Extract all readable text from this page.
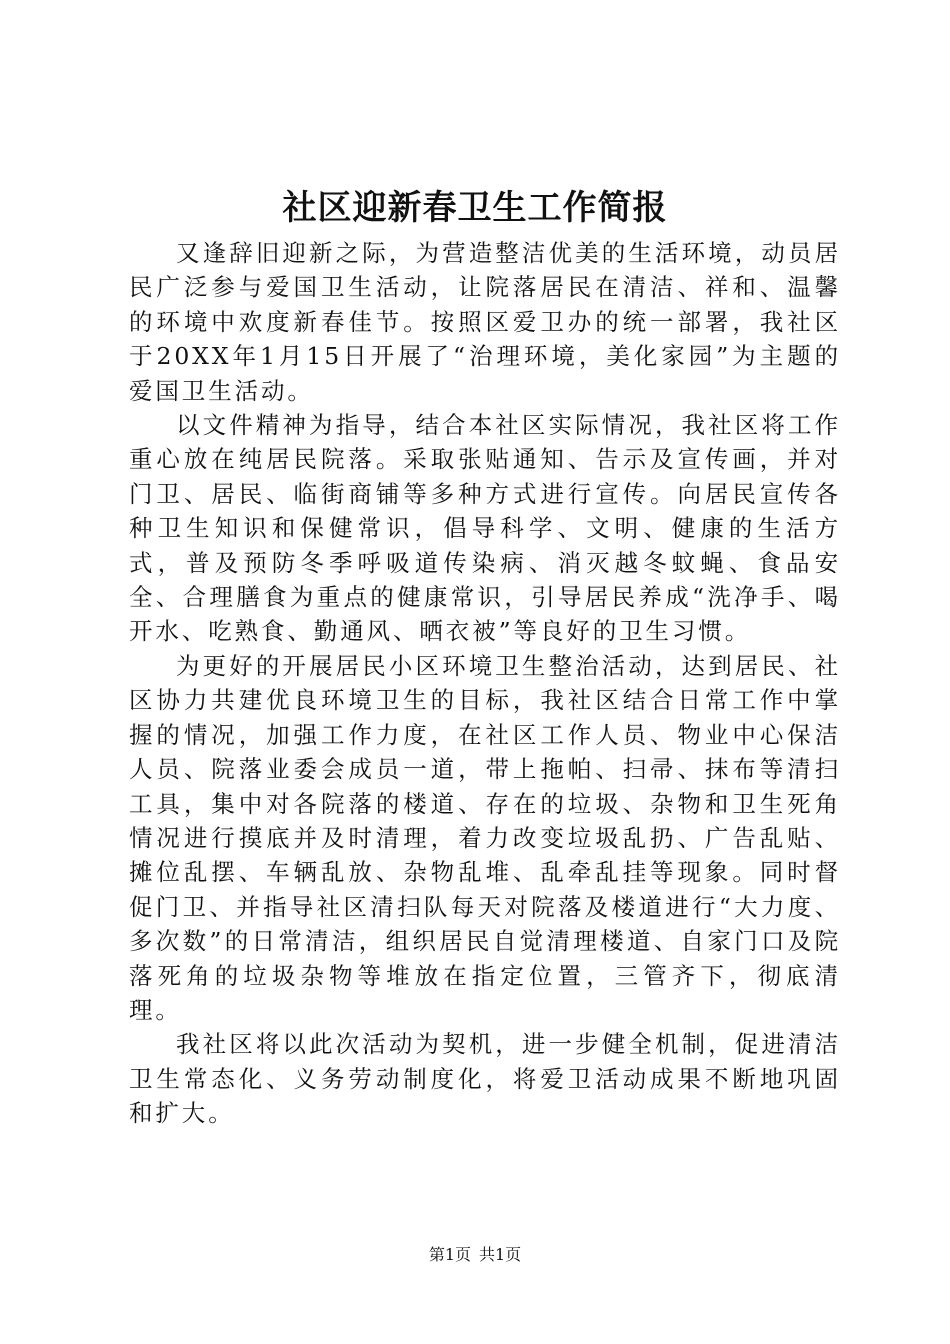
社区迎新春卫生工作简报

又逢辞旧迎新之际，为营造整洁优美的生活环境，动员居民广泛参与爱国卫生活动，让院落居民在清洁、祥和、温馨的环境中欢度新春佳节。按照区爱卫办的统一部署，我社区于20XX年1月15日开展了“治理环境，美化家园”为主题的爱国卫生活动。

以文件精神为指导，结合本社区实际情况，我社区将工作重心放在纯居民院落。采取张贴通知、告示及宣传画，并对门卫、居民、临街商铺等多种方式进行宣传。向居民宣传各种卫生知识和保健常识，倡导科学、文明、健康的生活方式，普及预防冬季呼吸道传染病、消灭越冬蚊蝇、食品安全、合理膳食为重点的健康常识，引导居民养成“洗净手、喝开水、吃熟食、勤通风、晒衣被”等良好的卫生习惯。

为更好的开展居民小区环境卫生整治活动，达到居民、社区协力共建优良环境卫生的目标，我社区结合日常工作中掌握的情况，加强工作力度，在社区工作人员、物业中心保洁人员、院落业委会成员一道，带上拖帕、扫帚、抹布等清扫工具，集中对各院落的楼道、存在的垃圾、杂物和卫生死角情况进行摸底并及时清理，着力改变垃圾乱扔、广告乱贴、摊位乱摆、车辆乱放、杂物乱堆、乱牵乱挂等现象。同时督促门卫、并指导社区清扫队每天对院落及楼道进行“大力度、多次数”的日常清洁，组织居民自觉清理楼道、自家门口及院落死角的垃圾杂物等堆放在指定位置，三管齐下，彻底清理。

我社区将以此次活动为契机，进一步健全机制，促进清洁卫生常态化、义务劳动制度化，将爱卫活动成果不断地巩固和扩大。

第1页 共1页
